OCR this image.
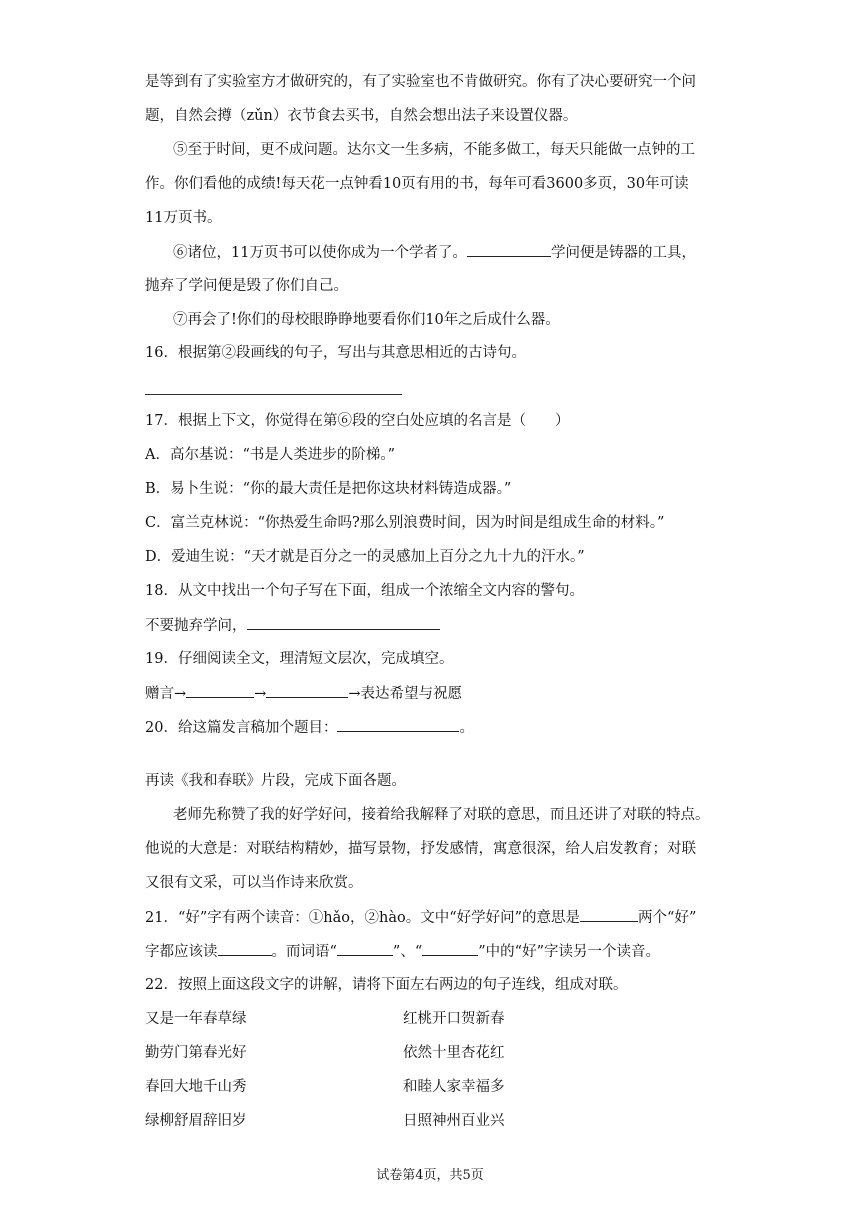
是等到有了实验室方才做研究的，有了实验室也不肯做研究。你有了决心要研究一个问
题，自然会撙（zǔn）衣节食去买书，自然会想出法子来设置仪器。
⑤至于时间，更不成问题。达尔文一生多病，不能多做工，每天只能做一点钟的工
作。你们看他的成绩!每天花一点钟看10页有用的书，每年可看3600多页，30年可读
11万页书。
⑥诸位，11万页书可以使你成为一个学者了。	学问便是铸器的工具，
抛弃了学问便是毁了你们自己。
⑦再会了!你们的母校眼睁睁地要看你们10年之后成什么器。
16．根据第②段画线的句子，写出与其意思相近的古诗句。
17．根据上下文，你觉得在第⑥段的空白处应填的名言是（　　）
A．高尔基说：“书是人类进步的阶梯。”
B．易卜生说：“你的最大责任是把你这块材料铸造成器。”
C．富兰克林说：“你热爱生命吗?那么别浪费时间，因为时间是组成生命的材料。”
D．爱迪生说：“天才就是百分之一的灵感加上百分之九十九的汗水。”
18．从文中找出一个句子写在下面，组成一个浓缩全文内容的警句。
不要抛弃学问，
19．仔细阅读全文，理清短文层次，完成填空。
赠言→	→	→表达希望与祝愿
20．给这篇发言稿加个题目：	。
再读《我和春联》片段，完成下面各题。
老师先称赞了我的好学好问，接着给我解释了对联的意思，而且还讲了对联的特点。
他说的大意是：对联结构精妙，描写景物，抒发感情，寓意很深，给人启发教育；对联
又很有文采，可以当作诗来欣赏。
21．“好”字有两个读音：①hǎo，②hào。文中“好学好问”的意思是	两个“好”
字都应该读	。而词语“	”、“	”中的“好”字读另一个读音。
22．按照上面这段文字的讲解，请将下面左右两边的句子连线，组成对联。
又是一年春草绿	红桃开口贺新春
勤劳门第春光好	依然十里杏花红
春回大地千山秀	和睦人家幸福多
绿柳舒眉辞旧岁	日照神州百业兴
试卷第4页，共5页
